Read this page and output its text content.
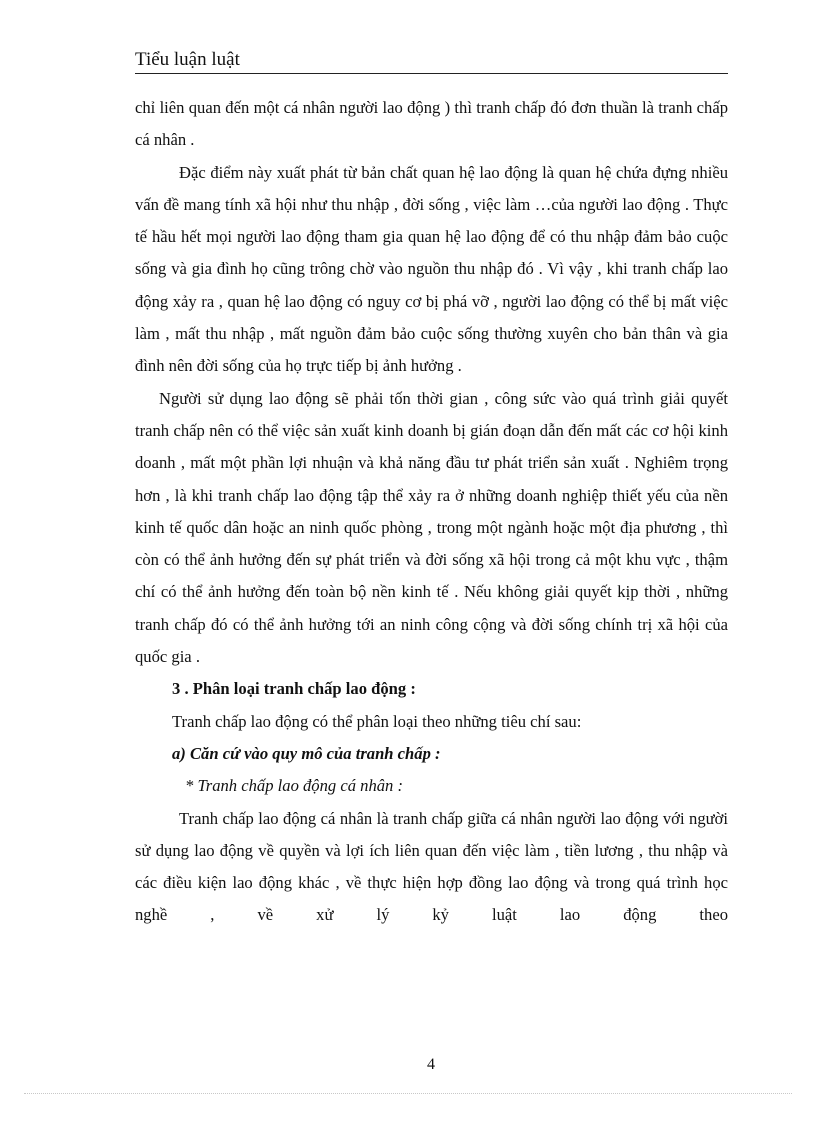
Tiểu luận luật

chỉ liên quan đến một cá nhân người lao động ) thì tranh chấp đó đơn thuần là tranh chấp cá nhân .

Đặc điểm này xuất phát từ bản chất quan hệ lao động là quan hệ chứa đựng nhiều vấn đề mang tính xã hội như thu nhập , đời sống , việc làm …của người lao động . Thực tế hầu hết mọi người lao động tham gia quan hệ lao động để có thu nhập đảm bảo cuộc sống và gia đình họ cũng trông chờ vào nguồn thu nhập đó . Vì vậy , khi tranh chấp lao động xảy ra , quan hệ lao động có nguy cơ bị phá vỡ , người lao động có thể bị mất việc làm , mất thu nhập , mất nguồn đảm bảo cuộc sống thường xuyên cho bản thân và gia đình nên đời sống của họ trực tiếp bị ảnh hưởng .

Người sử dụng lao động sẽ phải tốn thời gian , công sức vào quá trình giải quyết tranh chấp nên có thể việc sản xuất kinh doanh bị gián đoạn dẫn đến mất các cơ hội kinh doanh , mất một phần lợi nhuận và khả năng đầu tư phát triển sản xuất . Nghiêm trọng hơn , là khi tranh chấp lao động tập thể xảy ra ở những doanh nghiệp thiết yếu của nền kinh tế quốc dân hoặc an ninh quốc phòng , trong một ngành hoặc một địa phương , thì còn có thể ảnh hưởng đến sự phát triển và đời sống xã hội trong cả một khu vực , thậm chí có thể ảnh hưởng đến toàn bộ nền kinh tế . Nếu không giải quyết kịp thời , những tranh chấp đó có thể ảnh hưởng tới an ninh công cộng và đời sống chính trị xã hội của quốc gia .

3 . Phân loại tranh chấp lao động :

Tranh chấp lao động có thể phân loại theo những tiêu chí sau:

a) Căn cứ vào quy mô của tranh chấp :

* Tranh chấp lao động cá nhân :

Tranh chấp lao động cá nhân là tranh chấp giữa cá nhân người lao động với người sử dụng lao động về quyền và lợi ích liên quan đến việc làm , tiền lương , thu nhập và các điều kiện lao động khác , về thực hiện hợp đồng lao động và trong quá trình học nghề , về xử lý kỷ luật lao động theo

4
